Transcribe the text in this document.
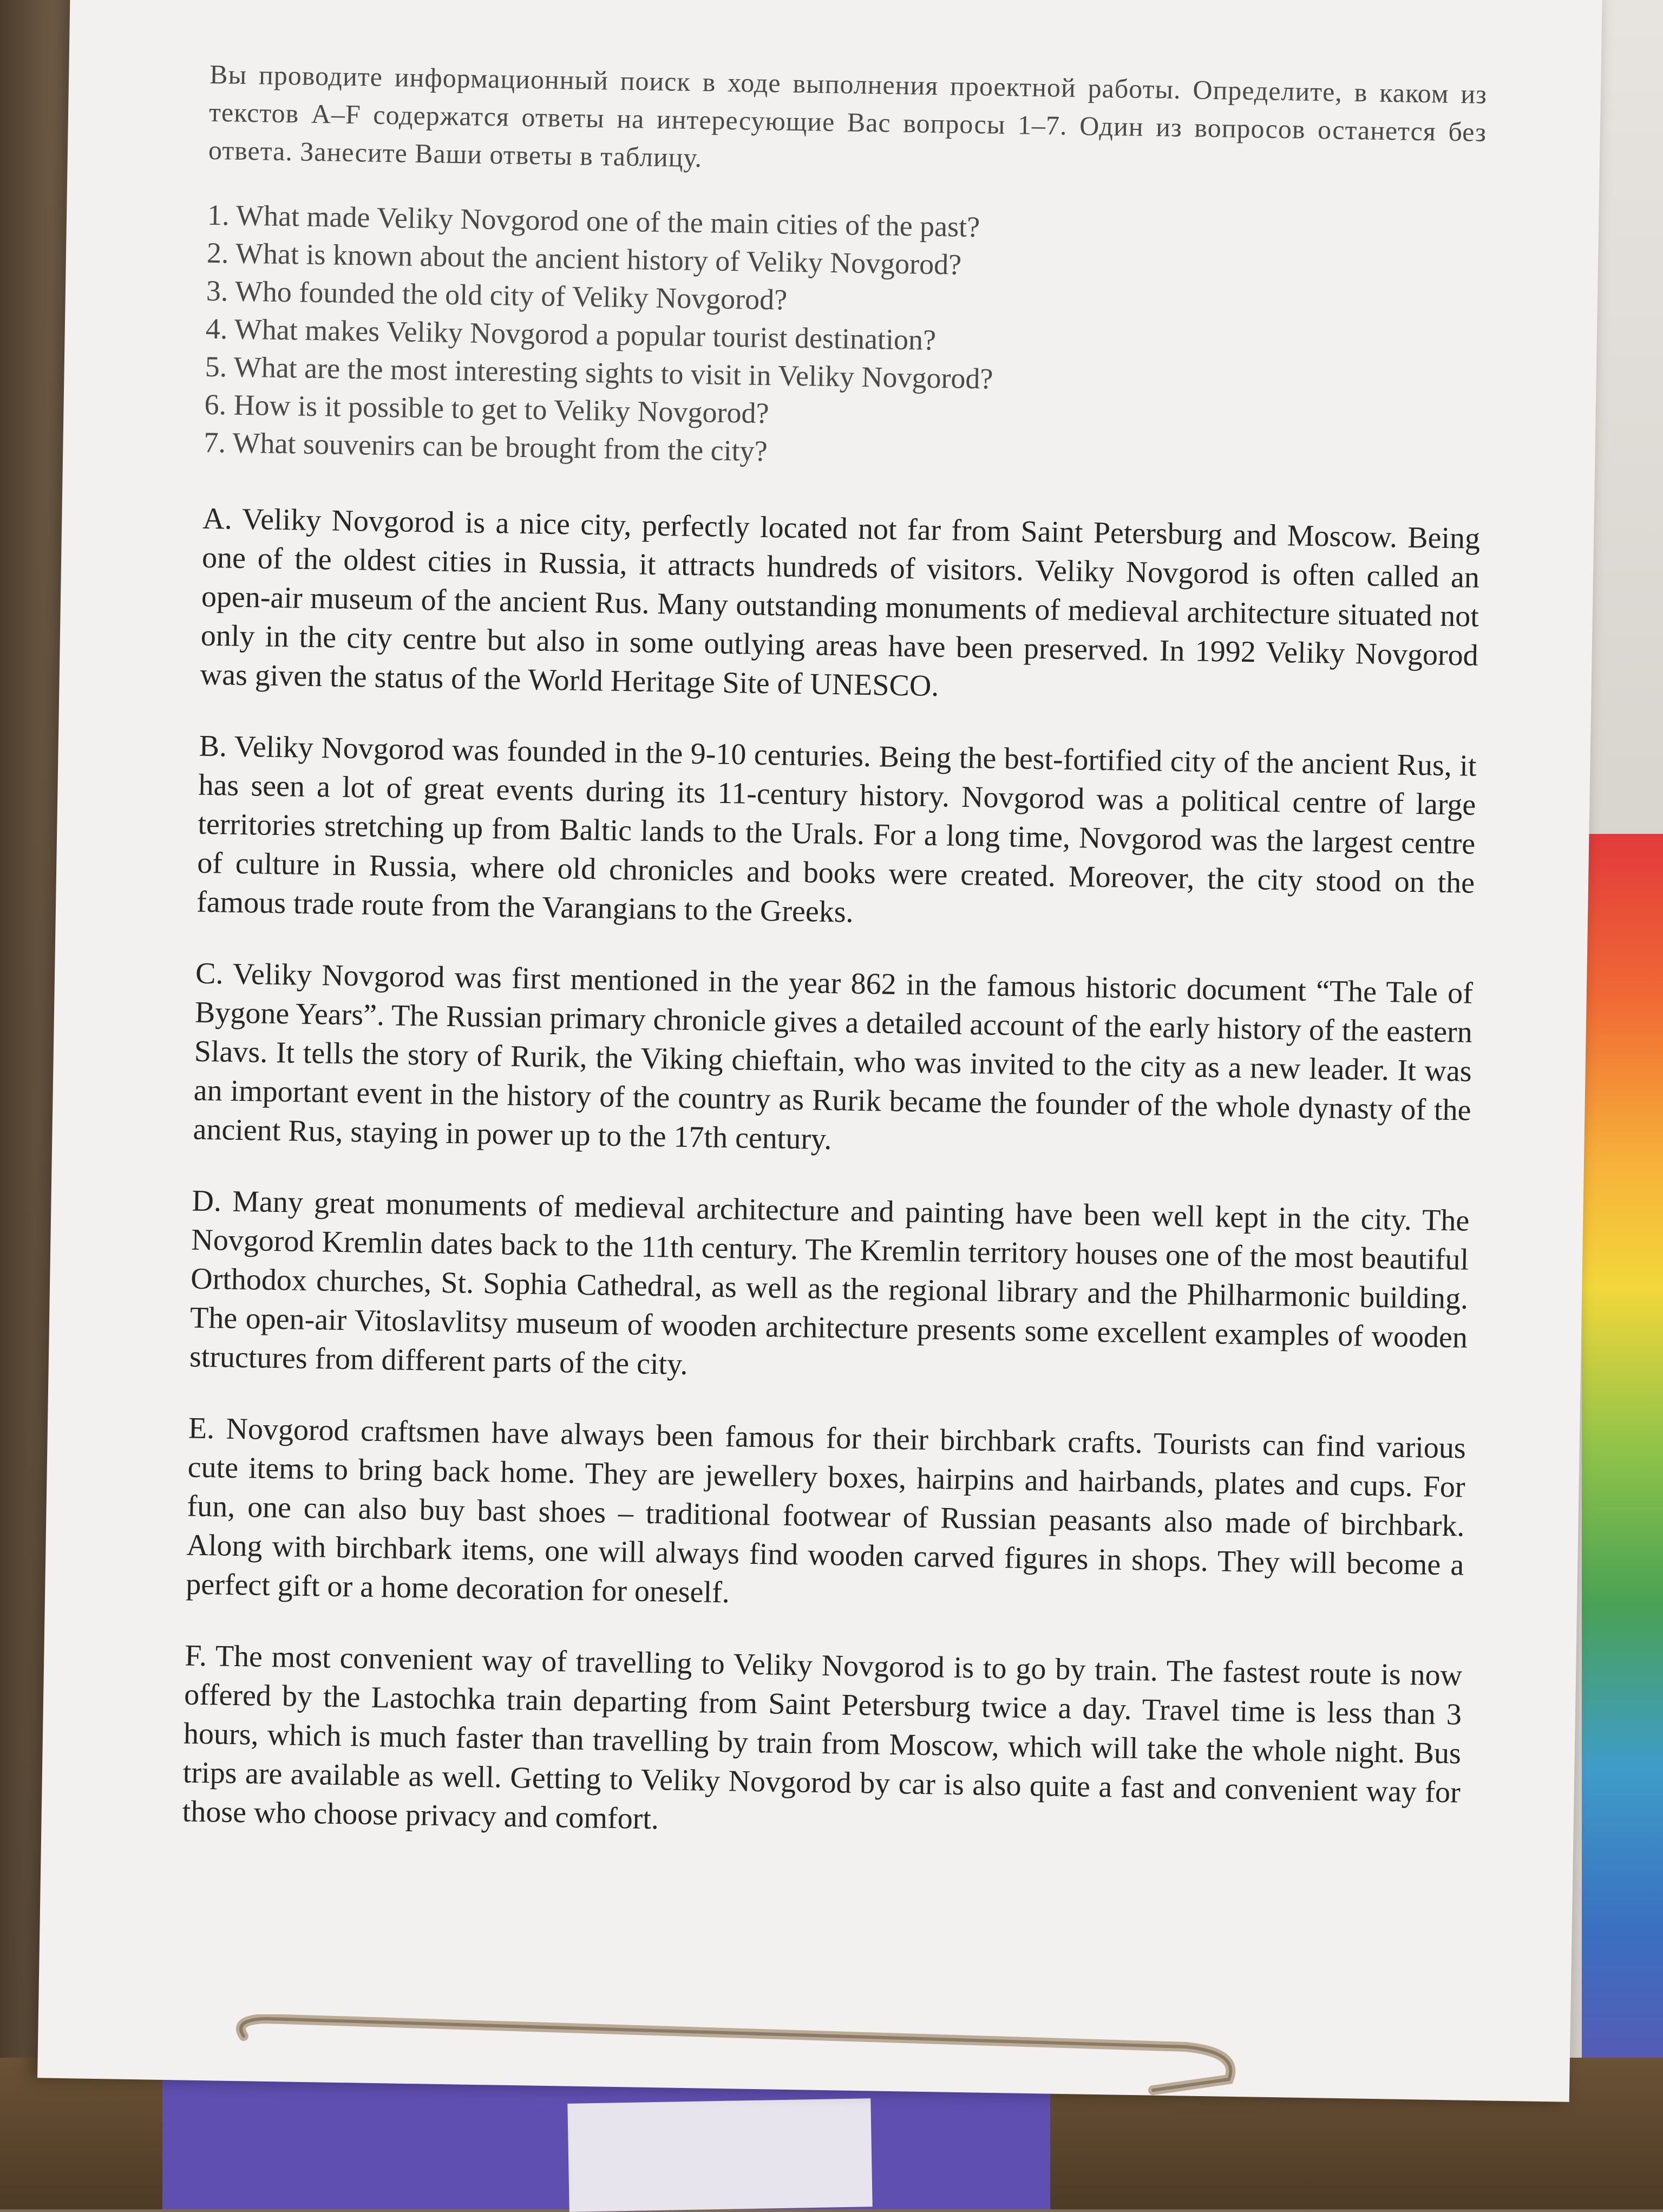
Вы проводите информационный поиск в ходе выполнения проектной работы. Определите, в каком из текстов A–F содержатся ответы на интересующие Вас вопросы 1–7. Один из вопросов останется без ответа. Занесите Ваши ответы в таблицу.

1. What made Veliky Novgorod one of the main cities of the past?
2. What is known about the ancient history of Veliky Novgorod?
3. Who founded the old city of Veliky Novgorod?
4. What makes Veliky Novgorod a popular tourist destination?
5. What are the most interesting sights to visit in Veliky Novgorod?
6. How is it possible to get to Veliky Novgorod?
7. What souvenirs can be brought from the city?

A. Veliky Novgorod is a nice city, perfectly located not far from Saint Petersburg and Moscow. Being one of the oldest cities in Russia, it attracts hundreds of visitors. Veliky Novgorod is often called an open-air museum of the ancient Rus. Many outstanding monuments of medieval architecture situated not only in the city centre but also in some outlying areas have been preserved. In 1992 Veliky Novgorod was given the status of the World Heritage Site of UNESCO.

B. Veliky Novgorod was founded in the 9-10 centuries. Being the best-fortified city of the ancient Rus, it has seen a lot of great events during its 11-century history. Novgorod was a political centre of large territories stretching up from Baltic lands to the Urals. For a long time, Novgorod was the largest centre of culture in Russia, where old chronicles and books were created. Moreover, the city stood on the famous trade route from the Varangians to the Greeks.

C. Veliky Novgorod was first mentioned in the year 862 in the famous historic document “The Tale of Bygone Years”. The Russian primary chronicle gives a detailed account of the early history of the eastern Slavs. It tells the story of Rurik, the Viking chieftain, who was invited to the city as a new leader. It was an important event in the history of the country as Rurik became the founder of the whole dynasty of the ancient Rus, staying in power up to the 17th century.

D. Many great monuments of medieval architecture and painting have been well kept in the city. The Novgorod Kremlin dates back to the 11th century. The Kremlin territory houses one of the most beautiful Orthodox churches, St. Sophia Cathedral, as well as the regional library and the Philharmonic building. The open-air Vitoslavlitsy museum of wooden architecture presents some excellent examples of wooden structures from different parts of the city.

E. Novgorod craftsmen have always been famous for their birchbark crafts. Tourists can find various cute items to bring back home. They are jewellery boxes, hairpins and hairbands, plates and cups. For fun, one can also buy bast shoes – traditional footwear of Russian peasants also made of birchbark. Along with birchbark items, one will always find wooden carved figures in shops. They will become a perfect gift or a home decoration for oneself.

F. The most convenient way of travelling to Veliky Novgorod is to go by train. The fastest route is now offered by the Lastochka train departing from Saint Petersburg twice a day. Travel time is less than 3 hours, which is much faster than travelling by train from Moscow, which will take the whole night. Bus trips are available as well. Getting to Veliky Novgorod by car is also quite a fast and convenient way for those who choose privacy and comfort.
